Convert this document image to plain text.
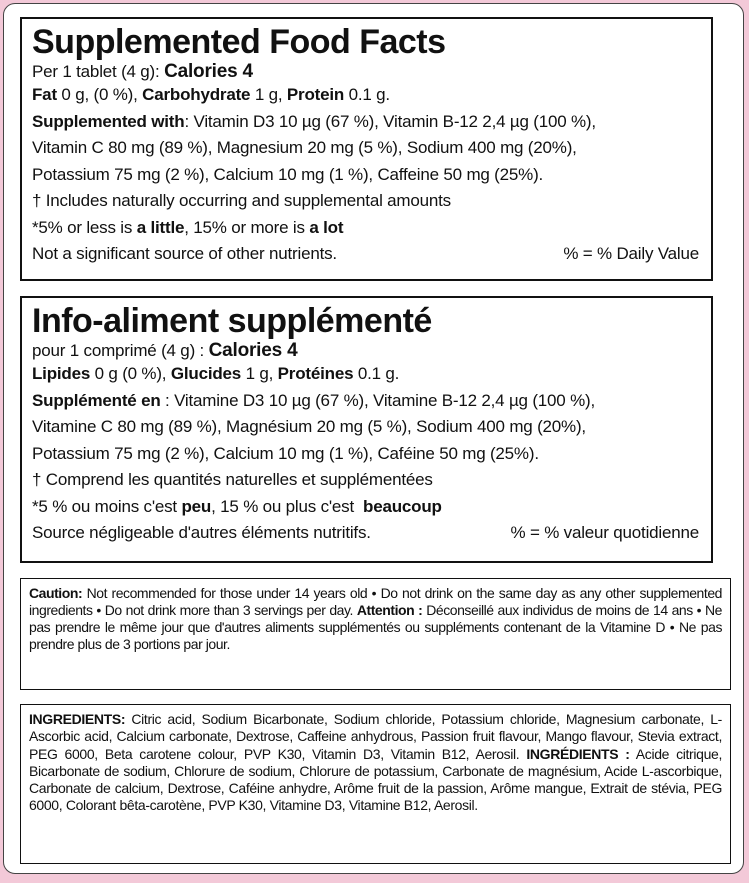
Supplemented Food Facts
Per 1 tablet (4 g): Calories 4
Fat 0 g, (0 %), Carbohydrate 1 g, Protein 0.1 g.
Supplemented with: Vitamin D3 10 µg (67 %), Vitamin B-12 2,4 µg (100 %),
Vitamin C 80 mg (89 %), Magnesium 20 mg (5 %), Sodium 400 mg (20%),
Potassium 75 mg (2 %), Calcium 10 mg (1 %), Caffeine 50 mg (25%).
† Includes naturally occurring and supplemental amounts
*5% or less is a little, 15% or more is a lot
Not a significant source of other nutrients.	% = % Daily Value
Info-aliment supplémenté
pour 1 comprimé (4 g) : Calories 4
Lipides 0 g (0 %), Glucides 1 g, Protéines 0.1 g.
Supplémenté en : Vitamine D3 10 µg (67 %), Vitamine B-12 2,4 µg (100 %),
Vitamine C 80 mg (89 %), Magnésium 20 mg (5 %), Sodium 400 mg (20%),
Potassium 75 mg (2 %), Calcium 10 mg (1 %), Caféine 50 mg (25%).
† Comprend les quantités naturelles et supplémentées
*5 % ou moins c'est peu, 15 % ou plus c'est  beaucoup
Source négligeable d'autres éléments nutritifs.	% = % valeur quotidienne
Caution: Not recommended for those under 14 years old • Do not drink on the same day as any other supplemented ingredients • Do not drink more than 3 servings per day. Attention : Déconseillé aux individus de moins de 14 ans • Ne pas prendre le même jour que d'autres aliments supplémentés ou suppléments contenant de la Vitamine D • Ne pas prendre plus de 3 portions par jour.
INGREDIENTS: Citric acid, Sodium Bicarbonate, Sodium chloride, Potassium chloride, Magnesium carbonate, L-Ascorbic acid, Calcium carbonate, Dextrose, Caffeine anhydrous, Passion fruit flavour, Mango flavour, Stevia extract, PEG 6000, Beta carotene colour, PVP K30, Vitamin D3, Vitamin B12, Aerosil. INGRÉDIENTS : Acide citrique, Bicarbonate de sodium, Chlorure de sodium, Chlorure de potassium, Carbonate de magnésium, Acide L-ascorbique, Carbonate de calcium, Dextrose, Caféine anhydre, Arôme fruit de la passion, Arôme mangue, Extrait de stévia, PEG 6000, Colorant bêta-carotène, PVP K30, Vitamine D3, Vitamine B12, Aerosil.
